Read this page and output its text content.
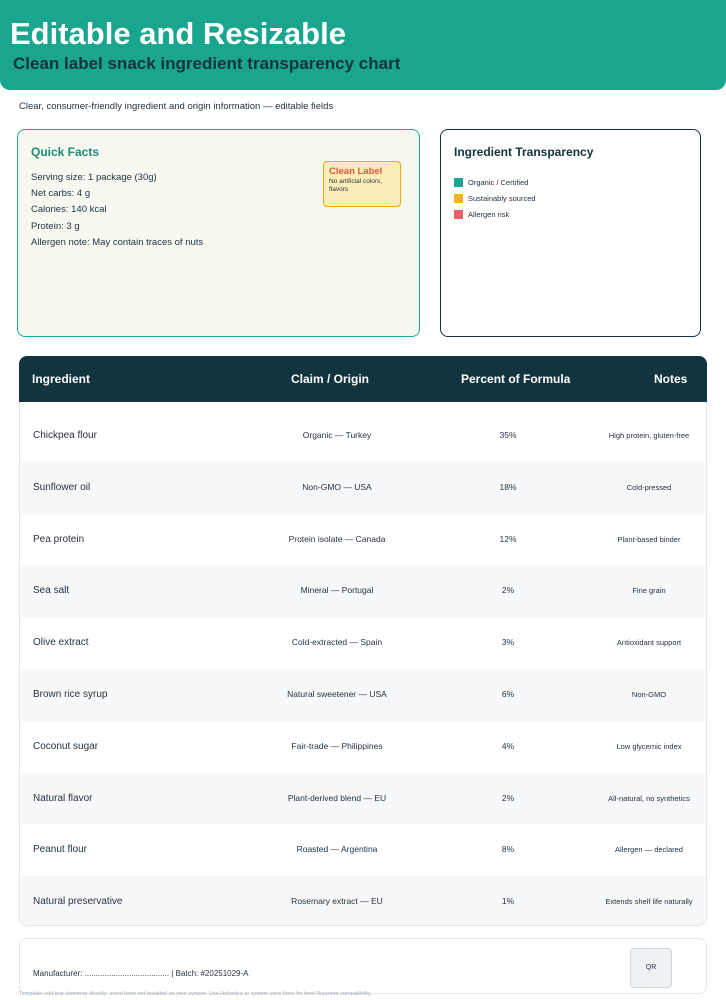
Editable and Resizable
Clean label snack ingredient transparency chart
Clear, consumer-friendly ingredient and origin information — editable fields
Quick Facts
Serving size: 1 package (30g)
Net carbs: 4 g
Calories: 140 kcal
Protein: 3 g
Allergen note: May contain traces of nuts
Clean Label
No artificial colors, flavors
Ingredient Transparency
Organic / Certified
Sustainably sourced
Allergen risk
Ingredient	Claim / Origin	Percent of Formula	Notes
Chickpea flour	Organic — Turkey	35%	High protein, gluten-free
Sunflower oil	Non-GMO — USA	18%	Cold-pressed
Pea protein	Protein isolate — Canada	12%	Plant-based binder
Sea salt	Mineral — Portugal	2%	Fine grain
Olive extract	Cold-extracted — Spain	3%	Antioxidant support
Brown rice syrup	Natural sweetener — USA	6%	Non-GMO
Coconut sugar	Fair-trade — Philippines	4%	Low glycemic index
Natural flavor	Plant-derived blend — EU	2%	All-natural, no synthetics
Peanut flour	Roasted — Argentina	8%	Allergen — declared
Natural preservative	Rosemary extract — EU	1%	Extends shelf life naturally
Manufacturer: ...................................... | Batch: #20251029-A
QR
Template: edit text elements directly; avoid fonts not installed on your system. Use Helvetica or system sans fonts for best Illustrator compatibility.
